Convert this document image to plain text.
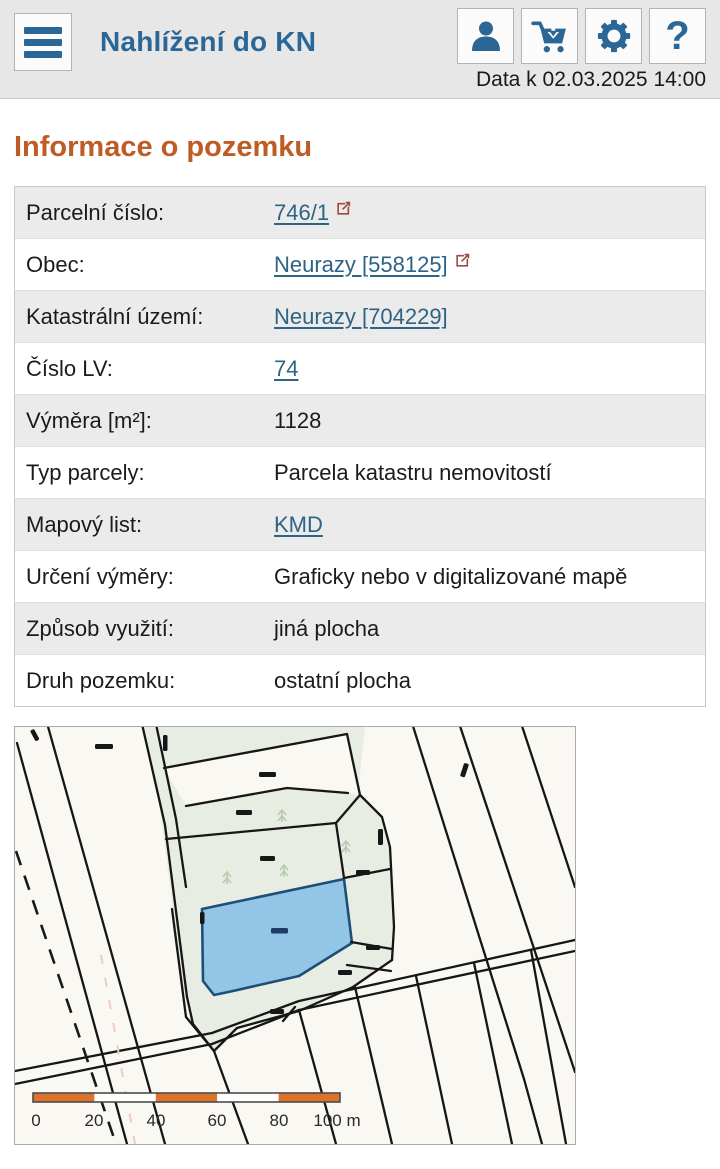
Nahlížení do KN	?
Data k 02.03.2025 14:00
Informace o pozemku
Parcelní číslo:	746/1
Obec:	Neurazy [558125]
Katastrální území:	Neurazy [704229]
Číslo LV:	74
Výměra [m²]:	1128
Typ parcely:	Parcela katastru nemovitostí
Mapový list:	KMD
Určení výměry:	Graficky nebo v digitalizované mapě
Způsob využití:	jiná plocha
Druh pozemku:	ostatní plocha
0	20	40 60	80 100 m
